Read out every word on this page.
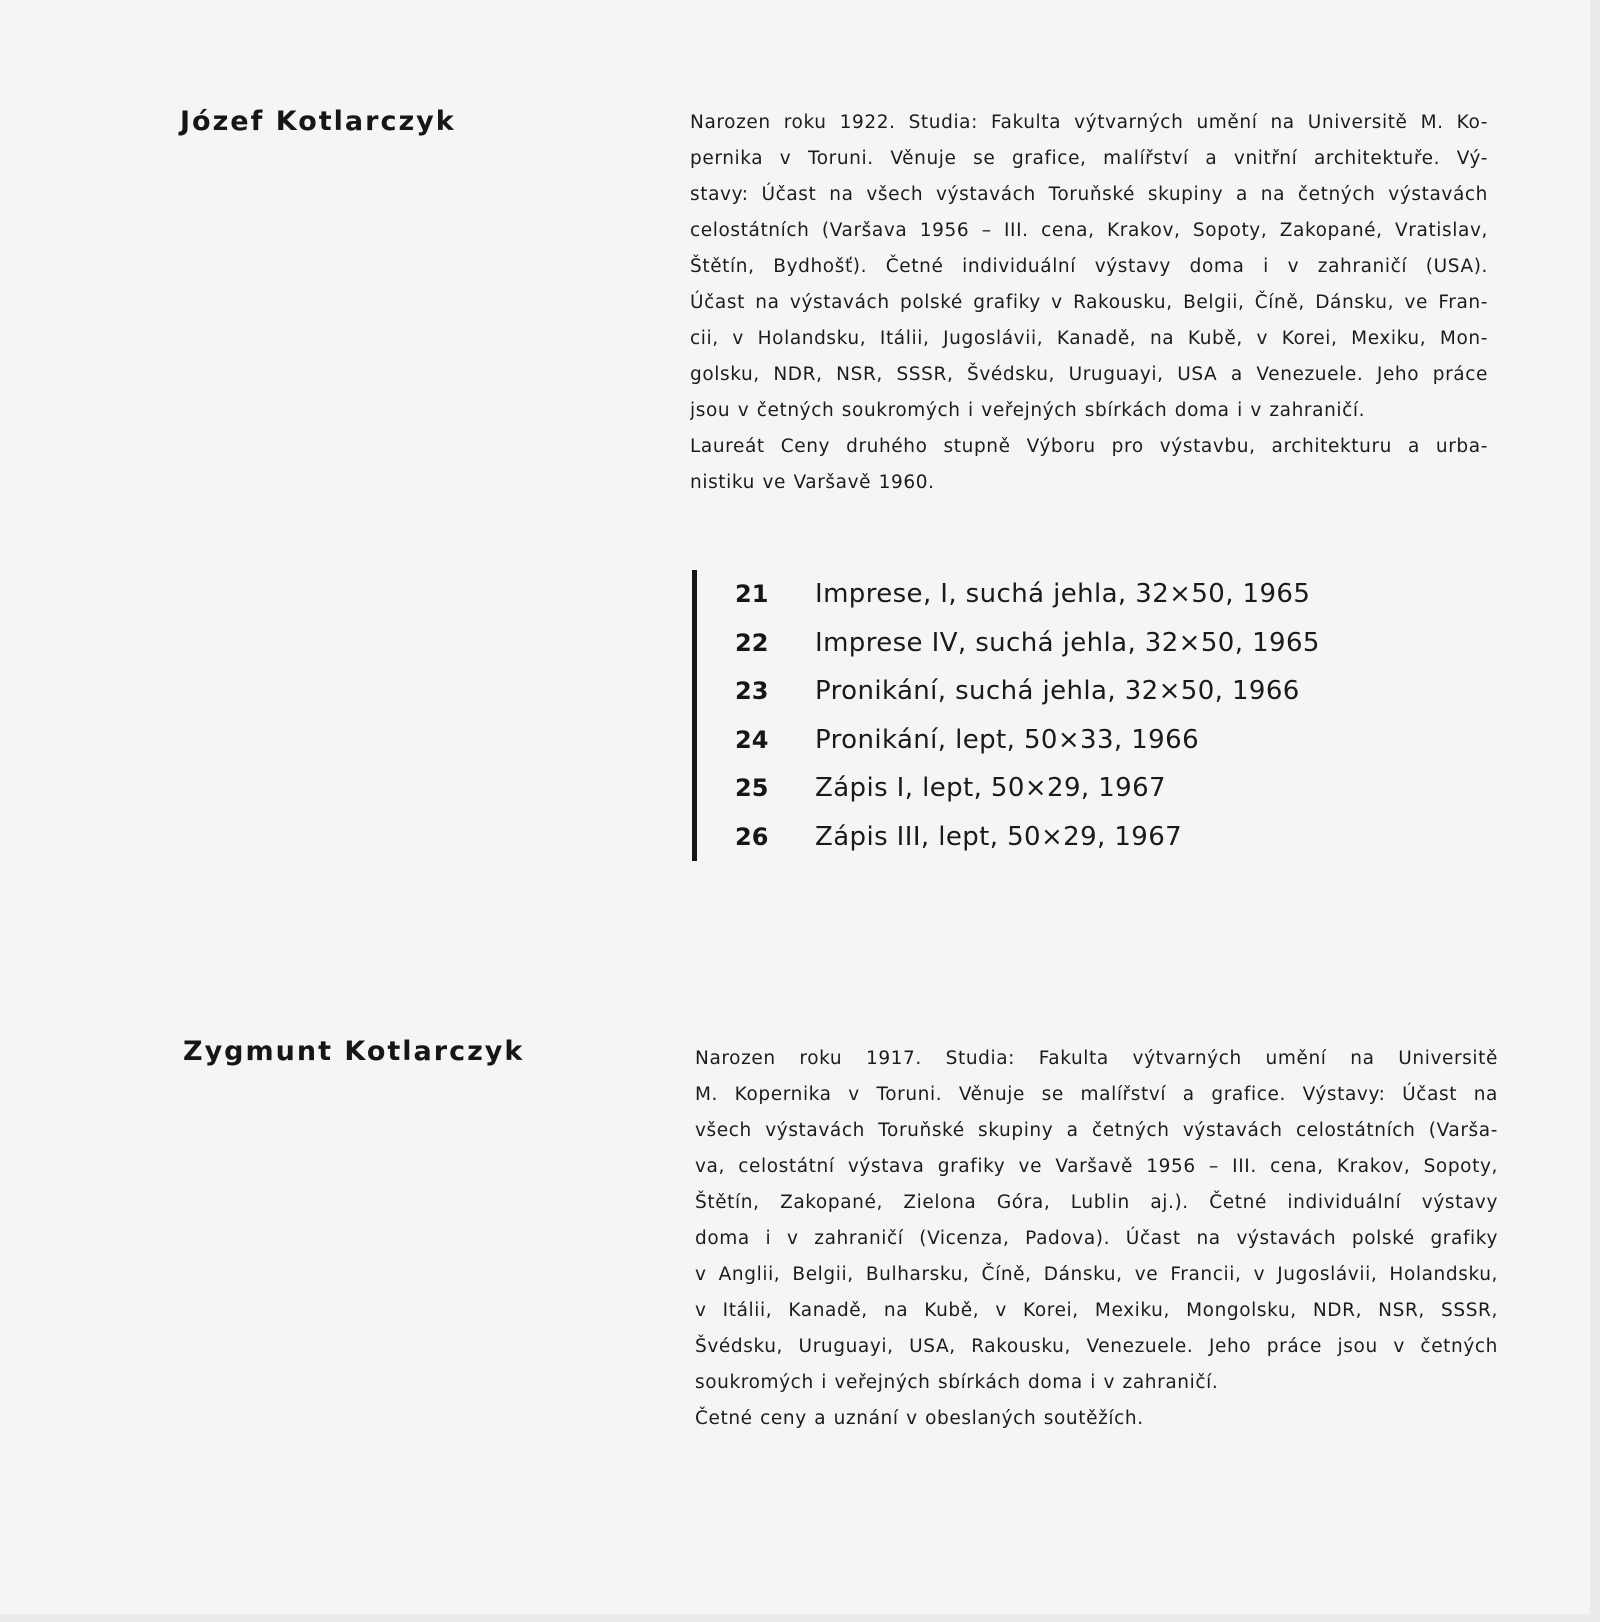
Józef Kotlarczyk	Narozen roku 1922. Studia: Fakulta výtvarných umění na Universitě M. Ko-
pernika v Toruni. Věnuje se grafice, malířství a vnitřní architektuře. Vý-
stavy: Účast na všech výstavách Toruňské skupiny a na četných výstavách
celostátních (Varšava 1956 – III. cena, Krakov, Sopoty, Zakopané, Vratislav,
Štětín, Bydhošť). Četné individuální výstavy doma i v zahraničí (USA).
Účast na výstavách polské grafiky v Rakousku, Belgii, Číně, Dánsku, ve Fran-
cii, v Holandsku, Itálii, Jugoslávii, Kanadě, na Kubě, v Korei, Mexiku, Mon-
golsku, NDR, NSR, SSSR, Švédsku, Uruguayi, USA a Venezuele. Jeho práce
jsou v četných soukromých i veřejných sbírkách doma i v zahraničí.
Laureát Ceny druhého stupně Výboru pro výstavbu, architekturu a urba-
nistiku ve Varšavě 1960.
21	Imprese, I, suchá jehla, 32×50, 1965
22	Imprese IV, suchá jehla, 32×50, 1965
23	Pronikání, suchá jehla, 32×50, 1966
24	Pronikání, lept, 50×33, 1966
25	Zápis I, lept, 50×29, 1967
26	Zápis III, lept, 50×29, 1967
Zygmunt Kotlarczyk	Narozen roku 1917. Studia: Fakulta výtvarných umění na Universitě
M. Kopernika v Toruni. Věnuje se malířství a grafice. Výstavy: Účast na
všech výstavách Toruňské skupiny a četných výstavách celostátních (Varša-
va, celostátní výstava grafiky ve Varšavě 1956 – III. cena, Krakov, Sopoty,
Štětín, Zakopané, Zielona Góra, Lublin aj.). Četné individuální výstavy
doma i v zahraničí (Vicenza, Padova). Účast na výstavách polské grafiky
v Anglii, Belgii, Bulharsku, Číně, Dánsku, ve Francii, v Jugoslávii, Holandsku,
v Itálii, Kanadě, na Kubě, v Korei, Mexiku, Mongolsku, NDR, NSR, SSSR,
Švédsku, Uruguayi, USA, Rakousku, Venezuele. Jeho práce jsou v četných
soukromých i veřejných sbírkách doma i v zahraničí.
Četné ceny a uznání v obeslaných soutěžích.
